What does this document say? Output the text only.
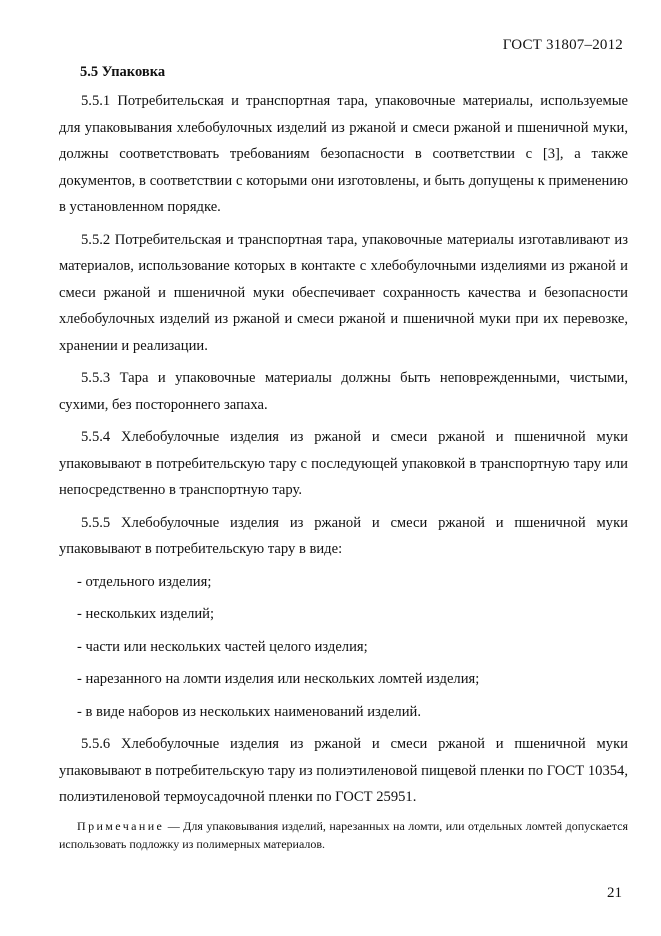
ГОСТ 31807–2012
5.5 Упаковка

5.5.1 Потребительская и транспортная тара, упаковочные материалы, используемые для упаковывания хлебобулочных изделий из ржаной и смеси ржаной и пшеничной муки, должны соответствовать требованиям безопасности в соответствии с [3], а также документов, в соответствии с которыми они изготовлены, и быть допущены к применению в установленном порядке.

5.5.2 Потребительская и транспортная тара, упаковочные материалы изготавливают из материалов, использование которых в контакте с хлебобулочными изделиями из ржаной и смеси ржаной и пшеничной муки обеспечивает сохранность качества и безопасности хлебобулочных изделий из ржаной и смеси ржаной и пшеничной муки при их перевозке, хранении и реализации.

5.5.3 Тара и упаковочные материалы должны быть неповрежденными, чистыми, сухими, без постороннего запаха.

5.5.4 Хлебобулочные изделия из ржаной и смеси ржаной и пшеничной муки упаковывают в потребительскую тару с последующей упаковкой в транспортную тару или непосредственно в транспортную тару.

5.5.5 Хлебобулочные изделия из ржаной и смеси ржаной и пшеничной муки упаковывают в потребительскую тару в виде:

- отдельного изделия;
- нескольких изделий;
- части или нескольких частей целого изделия;
- нарезанного на ломти изделия или нескольких ломтей изделия;
- в виде наборов из нескольких наименований изделий.

5.5.6 Хлебобулочные изделия из ржаной и смеси ржаной и пшеничной муки упаковывают в потребительскую тару из полиэтиленовой пищевой пленки по ГОСТ 10354, полиэтиленовой термоусадочной пленки по ГОСТ 25951.

Примечание — Для упаковывания изделий, нарезанных на ломти, или отдельных ломтей допускается использовать подложку из полимерных материалов.
21
